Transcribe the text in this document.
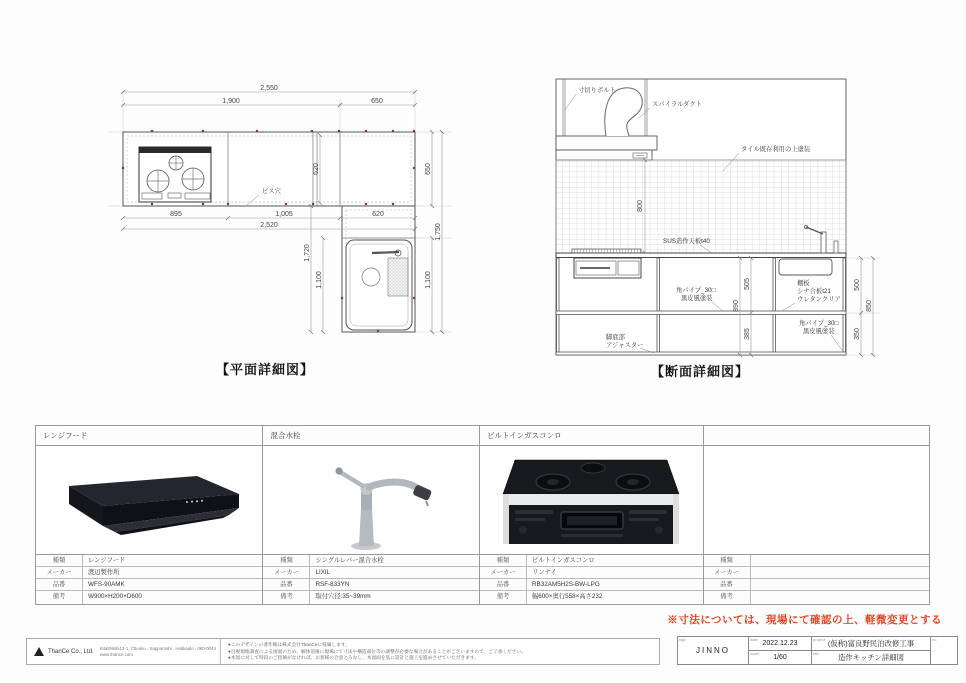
2,550
1,900	650
895	1,005	620
2,520
620	650
1,720
1,100
1,750
1,100
ビス穴
【平面詳細図】
寸切りボルト
スパイラルダクト
タイル既存利用の上塗装
800
SUS造作天板t40
890
505
385
500
350
850
角パイプ_30□
黒皮風塗装
棚板
シナ合板t21
ウレタンクリア
角パイプ_30□
黒皮風塗装
脚底部
アジャスター
【断面詳細図】
レンジフード
種類	レンジフード
メーカー	渡辺製作所
品番	WFS-90AMK
備考	W900×H200×D600
混合水栓
種類	シングルレバー混合水栓
メーカー	LIXIL
品番	RSF-833YN
備考	取付穴径:35~39mm
ビルトインガスコンロ
種類	ビルトインガスコンロ
メーカー	リンナイ
品番	RB32AM5H2S-BW-LPG
備考	幅600×奥行558×高さ232
種類
メーカー
品番
備考
※寸法については、現場にて確認の上、軽微変更とする
ThanCe Co., Ltd.
Kita9Nishi13-1, Chuoku , Sapporoshi , Hokkaido , 060-0044
www.thance.com
●このデザインの著作権は株式会社ThanCeに帰属します。
●目視現地調査による図面のため、解体前後に現場にて寸法や構造部位等の調整が必要な場合があることがございますので、ご了承ください。
●本図に対して特段のご指摘がなければ、お客様の合意とみなし、本図面を基に設計と施工を進めさせていただきます。
sign
JINNO
date
2022.12.23
scale
1/60
project (仮称)富良野民泊改修工事
title	造作キッチン詳細図
no
